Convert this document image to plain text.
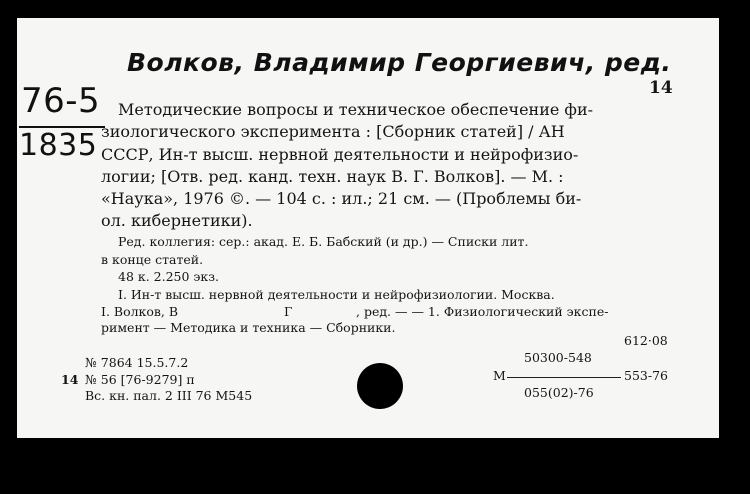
Волков, Владимир Георгиевич, ред.
76-5
1835
14
Методические вопросы и техническое обеспечение фи-
зиологического эксперимента : [Сборник статей] / АН
СССР, Ин-т высш. нервной деятельности и нейрофизио-
логии; [Отв. ред. канд. техн. наук В. Г. Волков]. — М. :
«Наука», 1976 ©. — 104 с. : ил.; 21 см. — (Проблемы би-
ол. кибернетики).
Ред. коллегия: сер.: акад. Е. Б. Бабский (и др.) — Списки лит.
в конце статей.
48 к. 2.250 экз.
I. Ин-т высш. нервной деятельности и нейрофизиологии. Москва.
I. Волков, В	Г	, ред. — — 1. Физиологический экспе-
римент — Методика и техника — Сборники.
612·08
50300-548
М	553-76
055(02)-76
№ 7864 15.5.7.2
14 № 56 [76-9279] п
Вс. кн. пал. 2 III 76 М545
